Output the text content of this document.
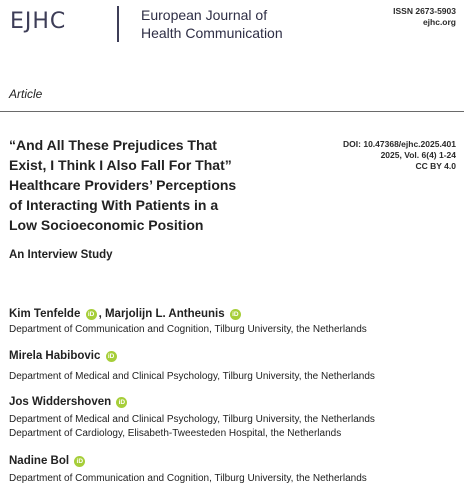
EJHC	European Journal of
Health Communication
ISSN 2673-5903
ejhc.org
Article
“And All These Prejudices That
Exist, I Think I Also Fall For That”
Healthcare Providers’ Perceptions
of Interacting With Patients in a
Low Socioeconomic Position
An Interview Study
DOI: 10.47368/ejhc.2025.401
2025, Vol. 6(4) 1-24
CC BY 4.0
Kim Tenfelde iD , Marjolijn L. Antheunis iD
Department of Communication and Cognition, Tilburg University, the Netherlands
Mirela Habibovic iD
Department of Medical and Clinical Psychology, Tilburg University, the Netherlands
Jos Widdershoven iD
Department of Medical and Clinical Psychology, Tilburg University, the Netherlands
Department of Cardiology, Elisabeth-Tweesteden Hospital, the Netherlands
Nadine Bol iD
Department of Communication and Cognition, Tilburg University, the Netherlands
